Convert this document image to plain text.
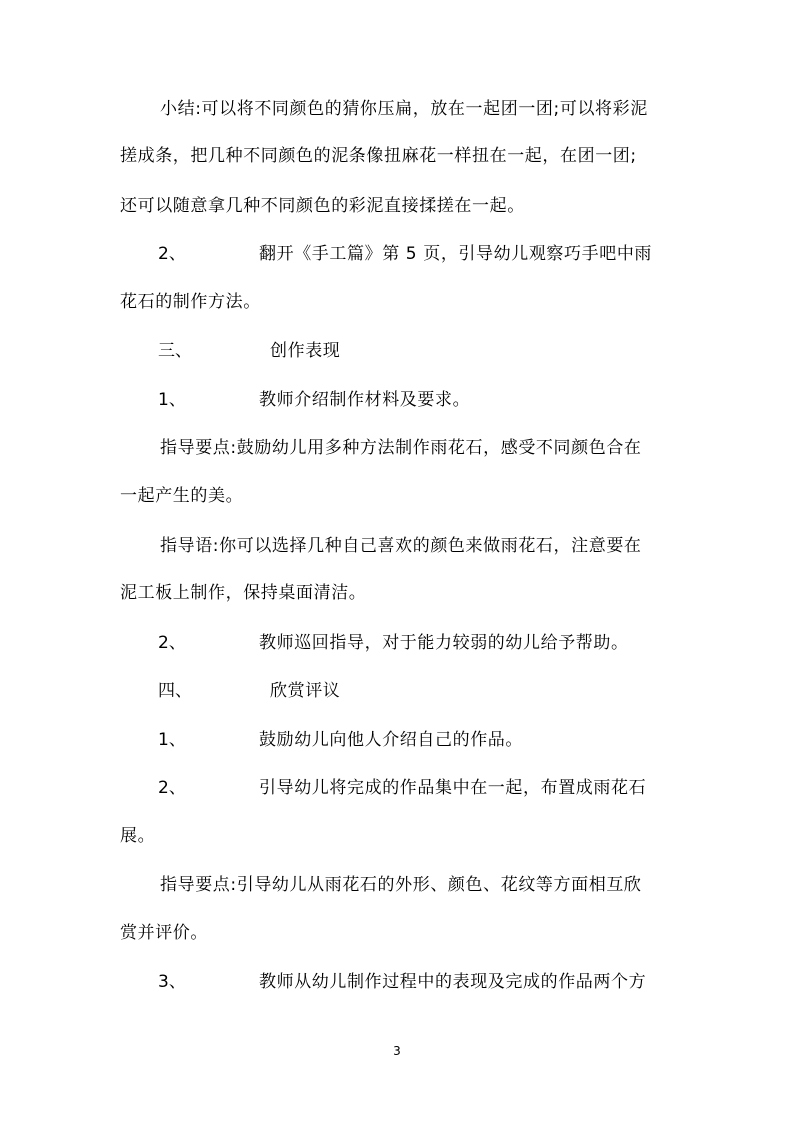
小结:可以将不同颜色的猜你压扁，放在一起团一团;可以将彩泥
搓成条，把几种不同颜色的泥条像扭麻花一样扭在一起，在团一团;
还可以随意拿几种不同颜色的彩泥直接揉搓在一起。
2、	翻开《手工篇》第 5 页，引导幼儿观察巧手吧中雨
花石的制作方法。
三、	创作表现
1、	教师介绍制作材料及要求。
指导要点:鼓励幼儿用多种方法制作雨花石，感受不同颜色合在
一起产生的美。
指导语:你可以选择几种自己喜欢的颜色来做雨花石，注意要在
泥工板上制作，保持桌面清洁。
2、	教师巡回指导，对于能力较弱的幼儿给予帮助。
四、	欣赏评议
1、	鼓励幼儿向他人介绍自己的作品。
2、	引导幼儿将完成的作品集中在一起，布置成雨花石
展。
指导要点:引导幼儿从雨花石的外形、颜色、花纹等方面相互欣
赏并评价。
3、	教师从幼儿制作过程中的表现及完成的作品两个方
3
